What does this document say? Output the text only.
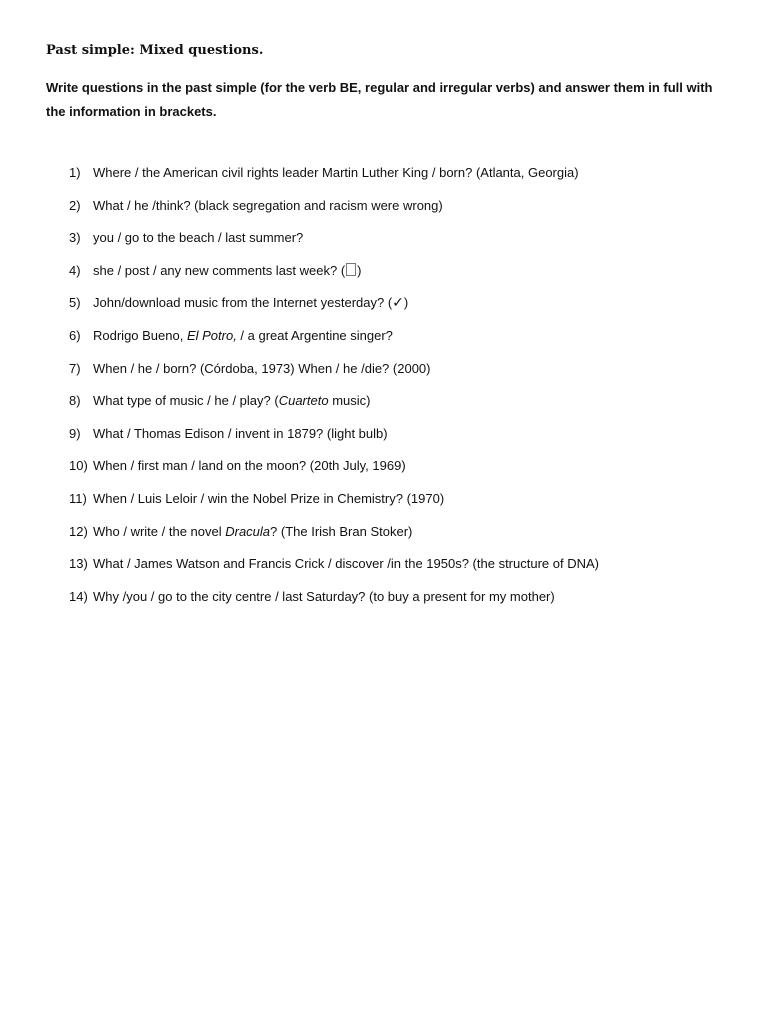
Past simple: Mixed questions.

Write questions in the past simple (for the verb BE, regular and irregular verbs) and answer them in full with the information in brackets.

1) Where / the American civil rights leader Martin Luther King / born? (Atlanta, Georgia)
2) What / he /think? (black segregation and racism were wrong)
3) you / go to the beach / last summer?
4) she / post / any new comments last week? ( )
5) John/download music from the Internet yesterday? (✓)
6) Rodrigo Bueno, El Potro, / a great Argentine singer?
7) When / he / born? (Córdoba, 1973) When / he /die? (2000)
8) What type of music / he / play? (Cuarteto music)
9) What / Thomas Edison / invent in 1879? (light bulb)
10) When / first man / land on the moon? (20th July, 1969)
11) When / Luis Leloir / win the Nobel Prize in Chemistry? (1970)
12) Who / write / the novel Dracula? (The Irish Bran Stoker)
13) What / James Watson and Francis Crick / discover /in the 1950s? (the structure of DNA)
14) Why /you / go to the city centre / last Saturday? (to buy a present for my mother)
